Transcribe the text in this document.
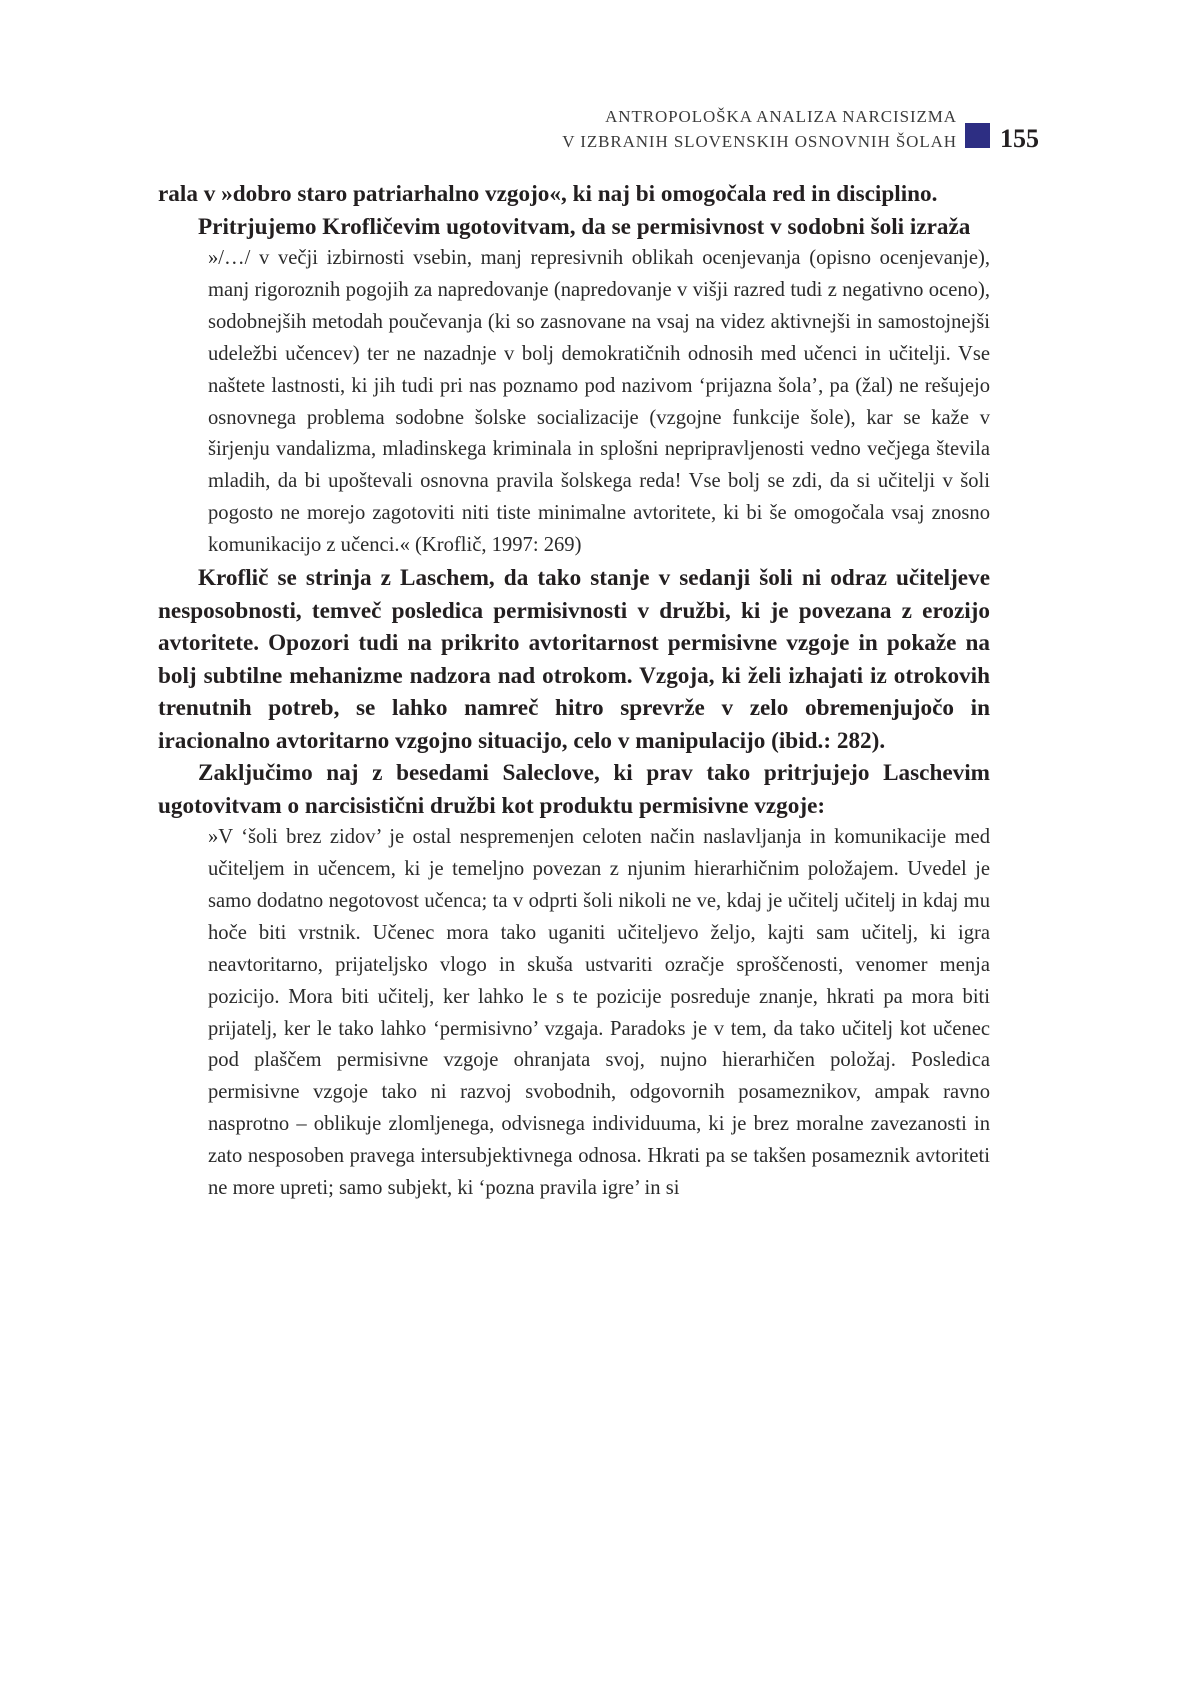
ANTROPOLOŠKA ANALIZA NARCISIZMA
V IZBRANIH SLOVENSKIH OSNOVNIH ŠOLAH 155

rala v »dobro staro patriarhalno vzgojo«, ki naj bi omogočala red in disciplino.

Pritrjujemo Krofličevim ugotovitvam, da se permisivnost v sodobni šoli izraža

»/…/ v večji izbirnosti vsebin, manj represivnih oblikah ocenjevanja (opisno ocenjevanje), manj rigoroznih pogojih za napredovanje (napredovanje v višji razred tudi z negativno oceno), sodobnejših metodah poučevanja (ki so zasnovane na vsaj na videz aktivnejši in samostojnejši udeležbi učencev) ter ne nazadnje v bolj demokratičnih odnosih med učenci in učitelji. Vse naštete lastnosti, ki jih tudi pri nas poznamo pod nazivom ‘prijazna šola’, pa (žal) ne rešujejo osnovnega problema sodobne šolske socializacije (vzgojne funkcije šole), kar se kaže v širjenju vandalizma, mladinskega kriminala in splošni nepripravljenosti vedno večjega števila mladih, da bi upoštevali osnovna pravila šolskega reda! Vse bolj se zdi, da si učitelji v šoli pogosto ne morejo zagotoviti niti tiste minimalne avtoritete, ki bi še omogočala vsaj znosno komunikacijo z učenci.« (Kroflič, 1997: 269)

Kroflič se strinja z Laschem, da tako stanje v sedanji šoli ni odraz učiteljeve nesposobnosti, temveč posledica permisivnosti v družbi, ki je povezana z erozijo avtoritete. Opozori tudi na prikrito avtoritarnost permisivne vzgoje in pokaže na bolj subtilne mehanizme nadzora nad otrokom. Vzgoja, ki želi izhajati iz otrokovih trenutnih potreb, se lahko namreč hitro sprevrže v zelo obremenjujočo in iracionalno avtoritarno vzgojno situacijo, celo v manipulacijo (ibid.: 282).

Zaključimo naj z besedami Saleclove, ki prav tako pritrjujejo Laschevim ugotovitvam o narcisistični družbi kot produktu permisivne vzgoje:

»V ‘šoli brez zidov’ je ostal nespremenjen celoten način naslavljanja in komunikacije med učiteljem in učencem, ki je temeljno povezan z njunim hierarhičnim položajem. Uvedel je samo dodatno negotovost učenca; ta v odprti šoli nikoli ne ve, kdaj je učitelj učitelj in kdaj mu hoče biti vrstnik. Učenec mora tako uganiti učiteljevo željo, kajti sam učitelj, ki igra neavtoritarno, prijateljsko vlogo in skuša ustvariti ozračje sproščenosti, venomer menja pozicijo. Mora biti učitelj, ker lahko le s te pozicije posreduje znanje, hkrati pa mora biti prijatelj, ker le tako lahko ‘permisivno’ vzgaja. Paradoks je v tem, da tako učitelj kot učenec pod plaščem permisivne vzgoje ohranjata svoj, nujno hierarhičen položaj. Posledica permisivne vzgoje tako ni razvoj svobodnih, odgovornih posameznikov, ampak ravno nasprotno – oblikuje zlomljenega, odvisnega individuuma, ki je brez moralne zavezanosti in zato nesposoben pravega intersubjektivnega odnosa. Hkrati pa se takšen posameznik avtoriteti ne more upreti; samo subjekt, ki ‘pozna pravila igre’ in si
